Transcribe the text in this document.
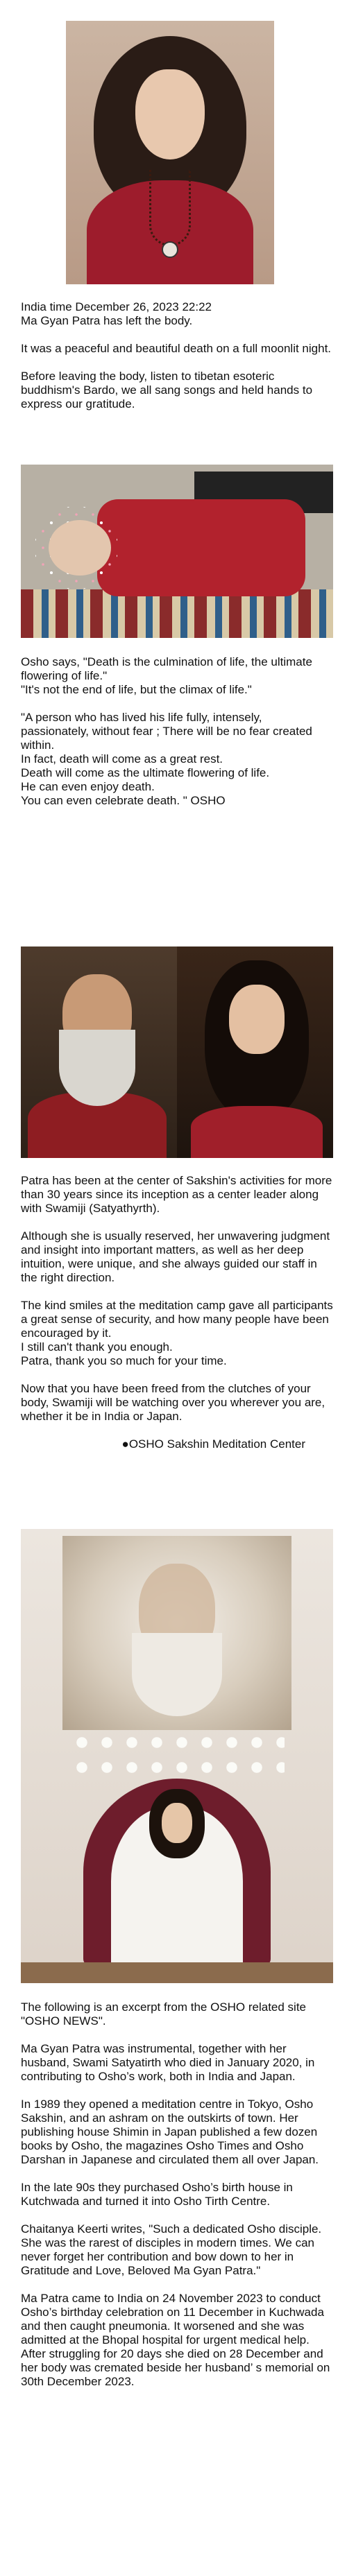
India time December 26, 2023 22:22
Ma Gyan Patra has left the body.

It was a peaceful and beautiful death on a full moonlit night.

Before leaving the body, listen to tibetan esoteric buddhism's Bardo, we all sang songs and held hands to express our gratitude.

Osho says, "Death is the culmination of life, the ultimate flowering of life."
"It's not the end of life, but the climax of life."

"A person who has lived his life fully, intensely, passionately, without fear ; There will be no fear created within.
In fact, death will come as a great rest.
Death will come as the ultimate flowering of life.
He can even enjoy death.
You can even celebrate death. " OSHO

Patra has been at the center of Sakshin's activities for more than 30 years since its inception as a center leader along with Swamiji (Satyathyrth).

Although she is usually reserved, her unwavering judgment and insight into important matters, as well as her deep intuition, were unique, and she always guided our staff in the right direction.

The kind smiles at the meditation camp gave all participants a great sense of security, and how many people have been encouraged by it.
I still can't thank you enough.
Patra, thank you so much for your time.

Now that you have been freed from the clutches of your body, Swamiji will be watching over you wherever you are, whether it be in India or Japan.

●OSHO Sakshin Meditation Center

The following is an excerpt from the OSHO related site "OSHO NEWS".

Ma Gyan Patra was instrumental, together with her husband, Swami Satyatirth who died in January 2020, in contributing to Osho’s work, both in India and Japan.

In 1989 they opened a meditation centre in Tokyo, Osho Sakshin, and an ashram on the outskirts of town. Her publishing house Shimin in Japan published a few dozen books by Osho, the magazines Osho Times and Osho Darshan in Japanese and circulated them all over Japan.

In the late 90s they purchased Osho’s birth house in Kutchwada and turned it into Osho Tirth Centre.

Chaitanya Keerti writes, "Such a dedicated Osho disciple. She was the rarest of disciples in modern times. We can never forget her contribution and bow down to her in Gratitude and Love, Beloved Ma Gyan Patra."

Ma Patra came to India on 24 November 2023 to conduct Osho’s birthday celebration on 11 December in Kuchwada and then caught pneumonia. It worsened and she was admitted at the Bhopal hospital for urgent medical help. After struggling for 20 days she died on 28 December and her body was cremated beside her husband’ s memorial on 30th December 2023.
